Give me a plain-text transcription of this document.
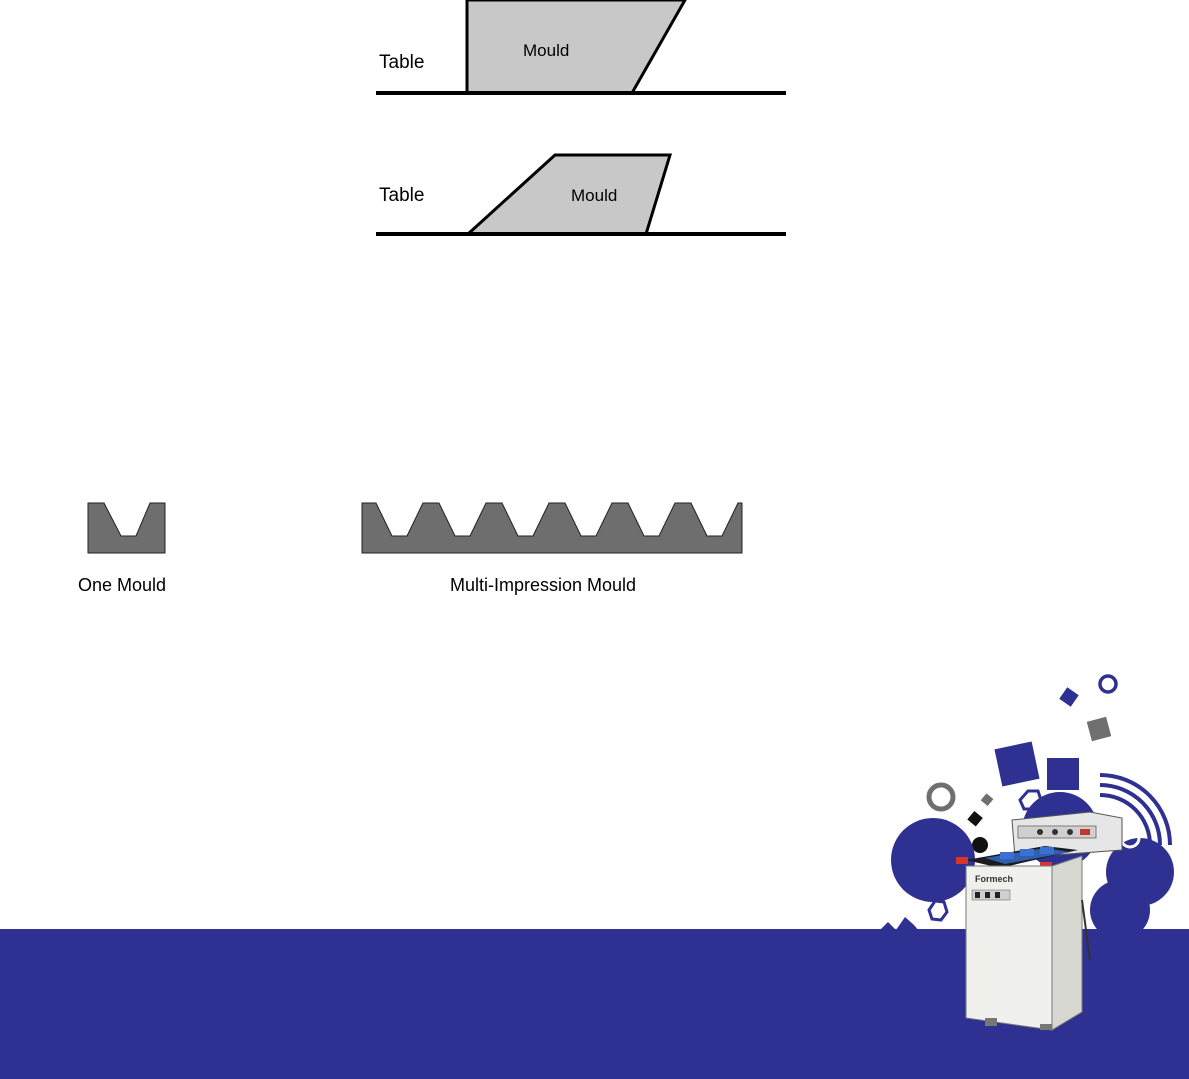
Table
Mould
Table	Mould
One Mould	Multi-Impression Mould
Formech
